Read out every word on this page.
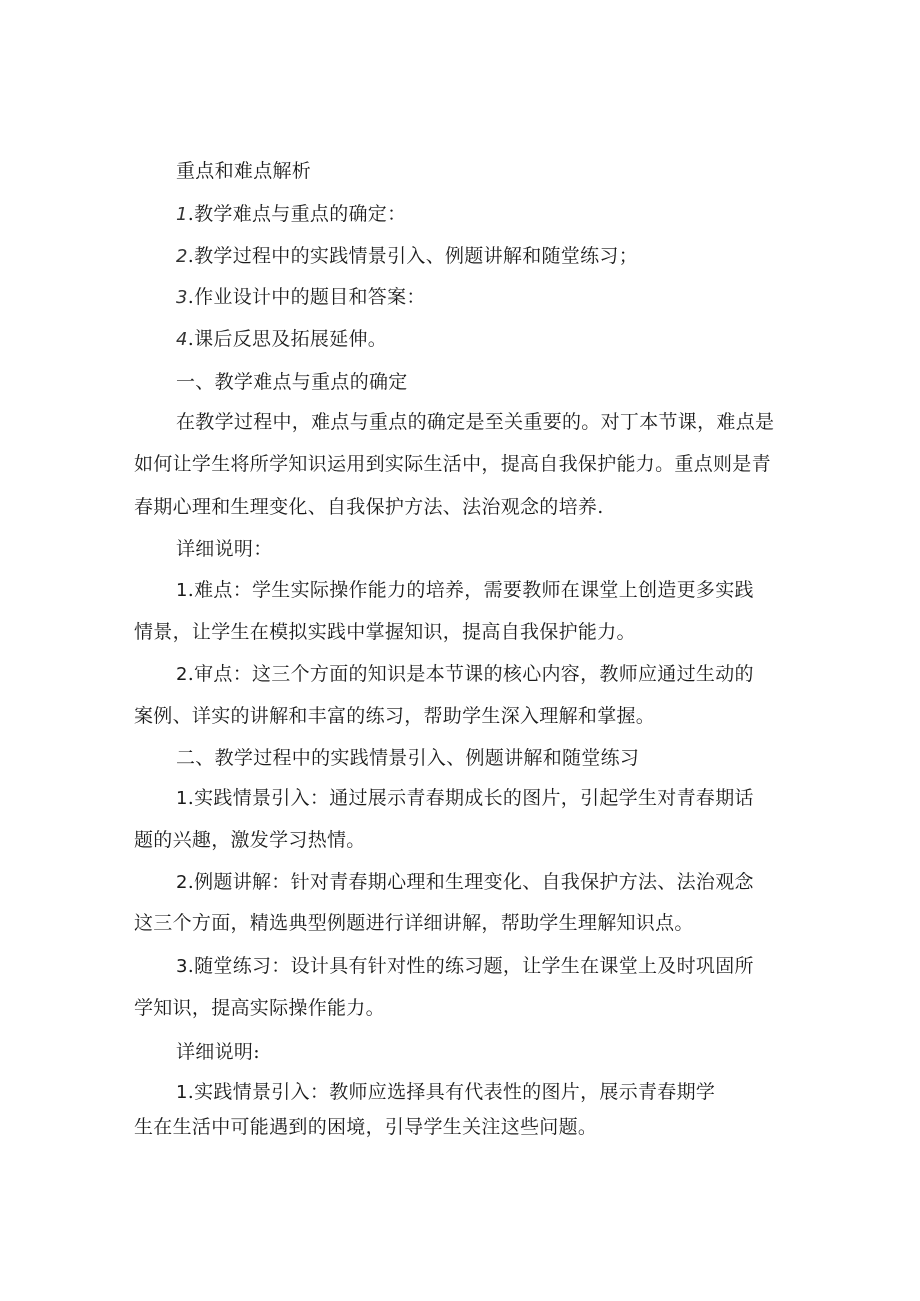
重点和难点解析
1.教学难点与重点的确定：
2.教学过程中的实践情景引入、例题讲解和随堂练习；
3.作业设计中的题目和答案：
4.课后反思及拓展延伸。
一、教学难点与重点的确定
在教学过程中，难点与重点的确定是至关重要的。对丁本节课，难点是
如何让学生将所学知识运用到实际生活中，提高自我保护能力。重点则是青
春期心理和生理变化、自我保护方法、法治观念的培养.
详细说明：
1.难点：学生实际操作能力的培养，需要教师在课堂上创造更多实践
情景，让学生在模拟实践中掌握知识，提高自我保护能力。
2.审点：这三个方面的知识是本节课的核心内容，教师应通过生动的
案例、详实的讲解和丰富的练习，帮助学生深入理解和掌握。
二、教学过程中的实践情景引入、例题讲解和随堂练习
1.实践情景引入：通过展示青春期成长的图片，引起学生对青春期话
题的兴趣，激发学习热情。
2.例题讲解：针对青春期心理和生理变化、自我保护方法、法治观念
这三个方面，精选典型例题进行详细讲解，帮助学生理解知识点。
3.随堂练习：设计具有针对性的练习题，让学生在课堂上及时巩固所
学知识，提高实际操作能力。
详细说明:
1.实践情景引入：教师应选择具有代表性的图片，展示青春期学
生在生活中可能遇到的困境，引导学生关注这些问题。
